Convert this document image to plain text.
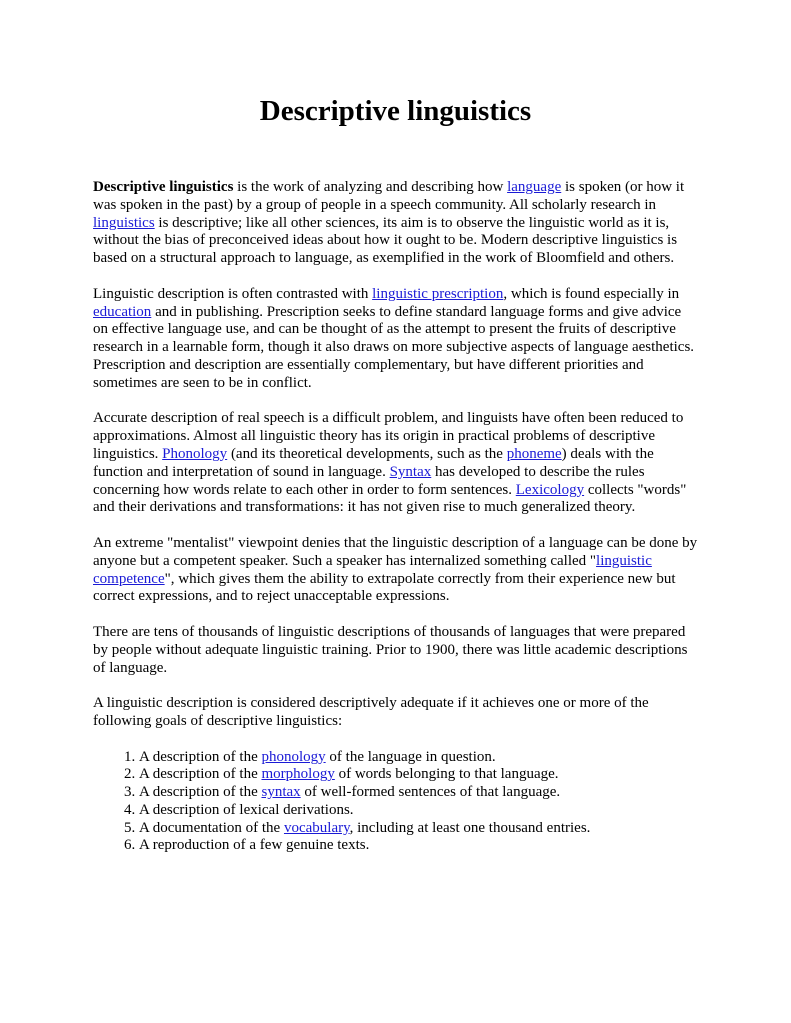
Descriptive linguistics

Descriptive linguistics is the work of analyzing and describing how language is spoken (or how it was spoken in the past) by a group of people in a speech community. All scholarly research in linguistics is descriptive; like all other sciences, its aim is to observe the linguistic world as it is, without the bias of preconceived ideas about how it ought to be. Modern descriptive linguistics is based on a structural approach to language, as exemplified in the work of Bloomfield and others.

Linguistic description is often contrasted with linguistic prescription, which is found especially in education and in publishing. Prescription seeks to define standard language forms and give advice on effective language use, and can be thought of as the attempt to present the fruits of descriptive research in a learnable form, though it also draws on more subjective aspects of language aesthetics. Prescription and description are essentially complementary, but have different priorities and sometimes are seen to be in conflict.

Accurate description of real speech is a difficult problem, and linguists have often been reduced to approximations. Almost all linguistic theory has its origin in practical problems of descriptive linguistics. Phonology (and its theoretical developments, such as the phoneme) deals with the function and interpretation of sound in language. Syntax has developed to describe the rules concerning how words relate to each other in order to form sentences. Lexicology collects "words" and their derivations and transformations: it has not given rise to much generalized theory.

An extreme "mentalist" viewpoint denies that the linguistic description of a language can be done by anyone but a competent speaker. Such a speaker has internalized something called "linguistic competence", which gives them the ability to extrapolate correctly from their experience new but correct expressions, and to reject unacceptable expressions.

There are tens of thousands of linguistic descriptions of thousands of languages that were prepared by people without adequate linguistic training. Prior to 1900, there was little academic descriptions of language.

A linguistic description is considered descriptively adequate if it achieves one or more of the following goals of descriptive linguistics:

1. A description of the phonology of the language in question.
2. A description of the morphology of words belonging to that language.
3. A description of the syntax of well-formed sentences of that language.
4. A description of lexical derivations.
5. A documentation of the vocabulary, including at least one thousand entries.
6. A reproduction of a few genuine texts.
